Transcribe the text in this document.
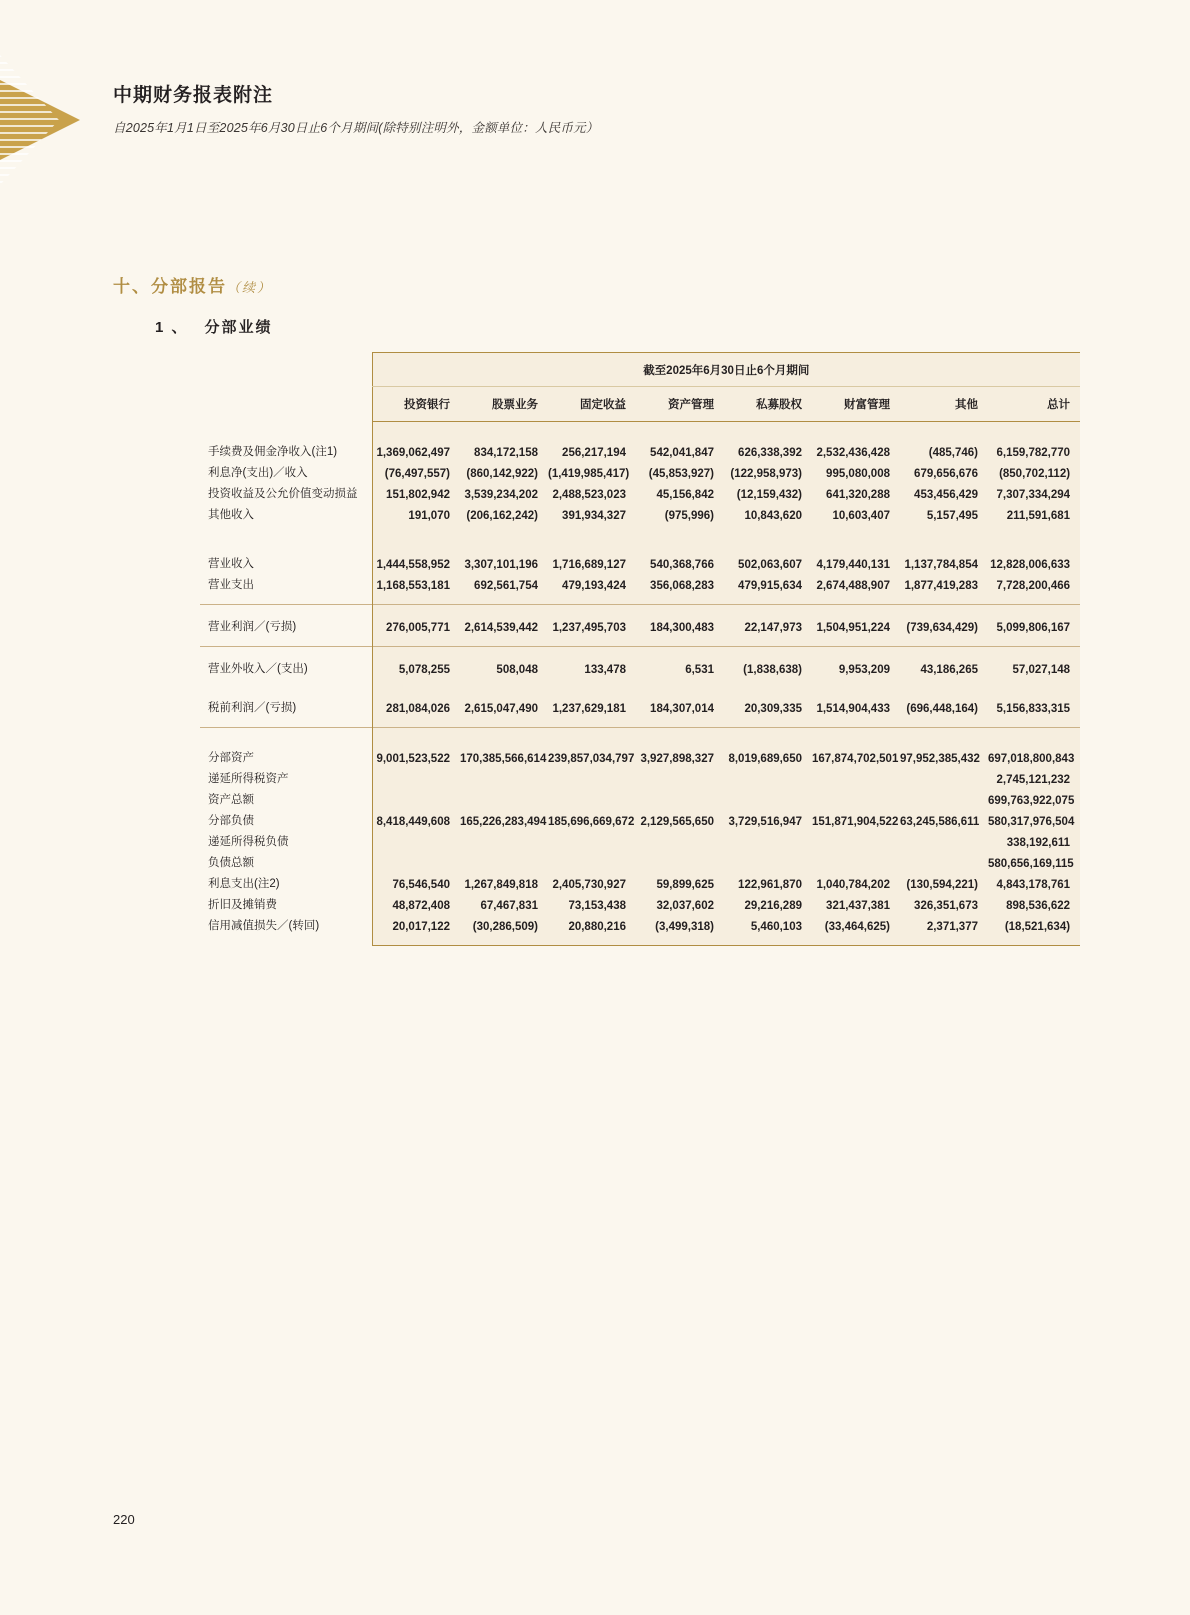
中期财务报表附注
自2025年1月1日至2025年6月30日止6个月期间(除特别注明外，金额单位：人民币元）
十、分部报告（续）
1 、 分部业绩
	截至2025年6月30日止6个月期间							
	投资银行	股票业务	固定收益	资产管理	私募股权	财富管理	其他	总计

手续费及佣金净收入(注1)	1,369,062,497	834,172,158	256,217,194	542,041,847	626,338,392	2,532,436,428	(485,746)	6,159,782,770
利息净(支出)／收入	(76,497,557)	(860,142,922)	(1,419,985,417)	(45,853,927)	(122,958,973)	995,080,008	679,656,676	(850,702,112)
投资收益及公允价值变动损益	151,802,942	3,539,234,202	2,488,523,023	45,156,842	(12,159,432)	641,320,288	453,456,429	7,307,334,294
其他收入	191,070	(206,162,242)	391,934,327	(975,996)	10,843,620	10,603,407	5,157,495	211,591,681

营业收入	1,444,558,952	3,307,101,196	1,716,689,127	540,368,766	502,063,607	4,179,440,131	1,137,784,854	12,828,006,633
营业支出	1,168,553,181	692,561,754	479,193,424	356,068,283	479,915,634	2,674,488,907	1,877,419,283	7,728,200,466

营业利润／(亏损)	276,005,771	2,614,539,442	1,237,495,703	184,300,483	22,147,973	1,504,951,224	(739,634,429)	5,099,806,167

营业外收入／(支出)	5,078,255	508,048	133,478	6,531	(1,838,638)	9,953,209	43,186,265	57,027,148

税前利润／(亏损)	281,084,026	2,615,047,490	1,237,629,181	184,307,014	20,309,335	1,514,904,433	(696,448,164)	5,156,833,315

分部资产	9,001,523,522	170,385,566,614	239,857,034,797	3,927,898,327	8,019,689,650	167,874,702,501	97,952,385,432	697,018,800,843
递延所得税资产								2,745,121,232
资产总额								699,763,922,075
分部负债	8,418,449,608	165,226,283,494	185,696,669,672	2,129,565,650	3,729,516,947	151,871,904,522	63,245,586,611	580,317,976,504
递延所得税负债								338,192,611
负债总额								580,656,169,115
利息支出(注2)	76,546,540	1,267,849,818	2,405,730,927	59,899,625	122,961,870	1,040,784,202	(130,594,221)	4,843,178,761
折旧及摊销费	48,872,408	67,467,831	73,153,438	32,037,602	29,216,289	321,437,381	326,351,673	898,536,622
信用减值损失／(转回)	20,017,122	(30,286,509)	20,880,216	(3,499,318)	5,460,103	(33,464,625)	2,371,377	(18,521,634)

220
